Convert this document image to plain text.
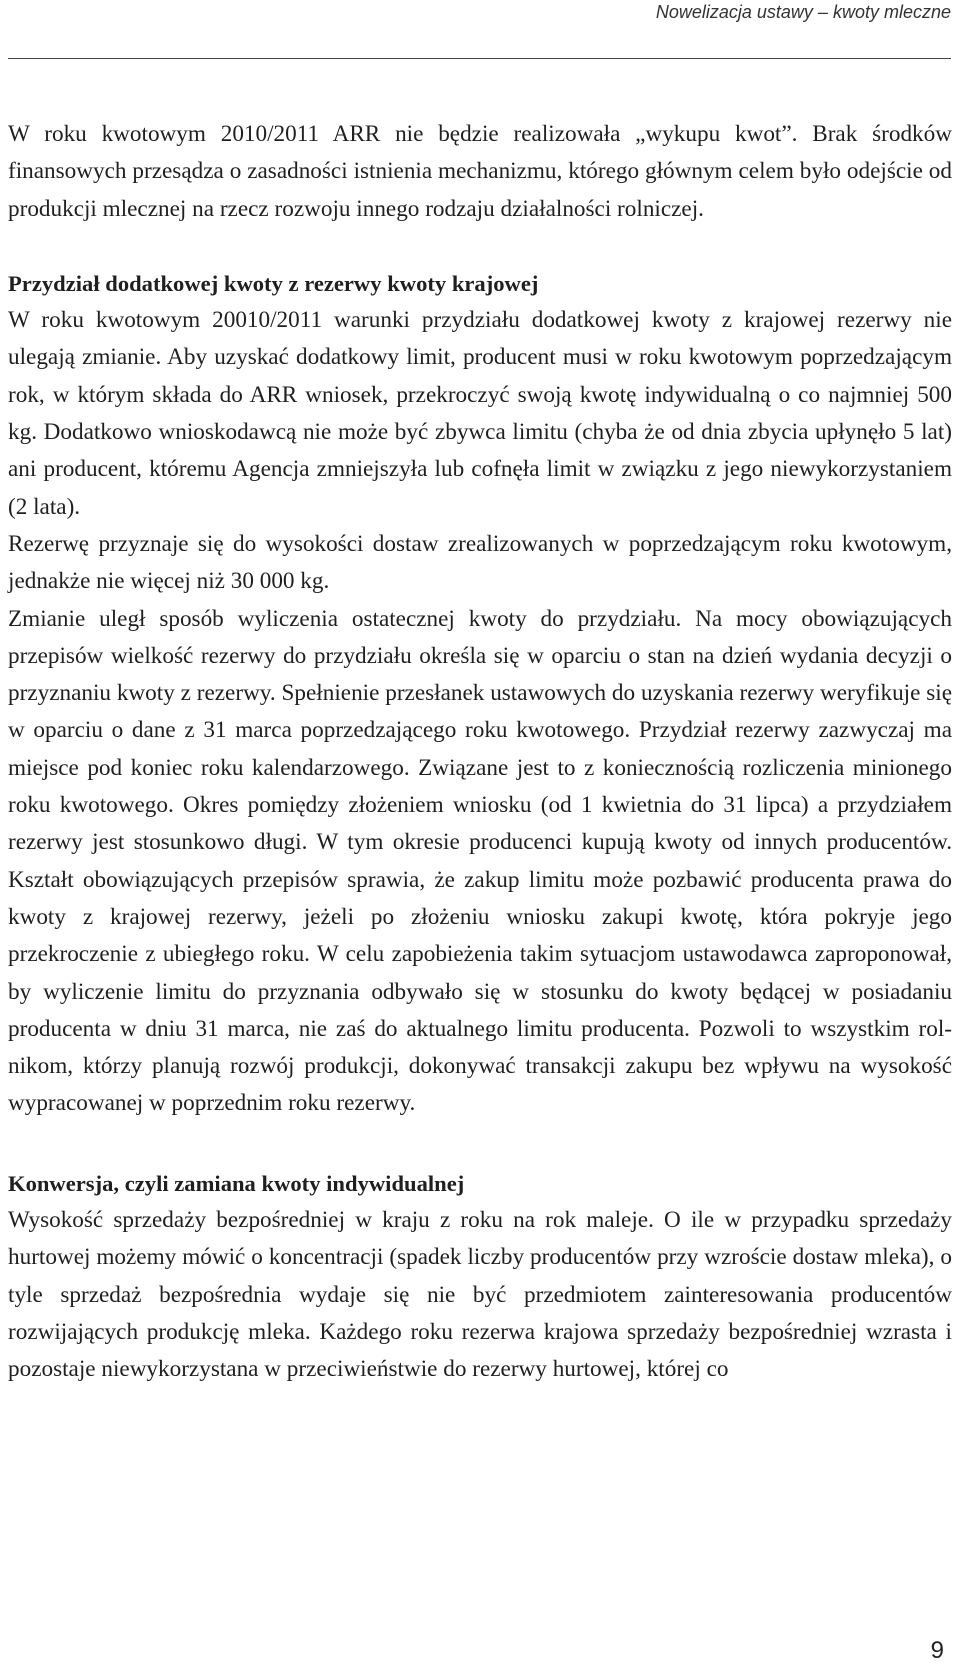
Nowelizacja ustawy – kwoty mleczne

W roku kwotowym 2010/2011 ARR nie będzie realizowała „wykupu kwot”. Brak środków finansowych przesądza o zasadności istnienia mechanizmu, którego głównym celem było odejście od produkcji mlecznej na rzecz rozwoju innego rodzaju działalności rolniczej.

Przydział dodatkowej kwoty z rezerwy kwoty krajowej

W roku kwotowym 20010/2011 warunki przydziału dodatkowej kwoty z krajowej rezerwy nie ulegają zmianie. Aby uzyskać dodatkowy limit, producent musi w roku kwotowym poprzedzającym rok, w którym składa do ARR wniosek, przekroczyć swoją kwotę indywidualną o co najmniej 500 kg. Dodatkowo wnioskodawcą nie może być zbywca limitu (chyba że od dnia zbycia upłynęło 5 lat) ani producent, któremu Agencja zmniejszyła lub cofnęła limit w związku z jego niewykorzystaniem (2 lata).

Rezerwę przyznaje się do wysokości dostaw zrealizowanych w poprzedzającym roku kwotowym, jednakże nie więcej niż 30 000 kg.

Zmianie uległ sposób wyliczenia ostatecznej kwoty do przydziału. Na mocy obowiązujących przepisów wielkość rezerwy do przydziału określa się w oparciu o stan na dzień wydania decyzji o przyznaniu kwoty z rezerwy. Spełnienie przesłanek ustawowych do uzyskania rezerwy weryfikuje się w oparciu o dane z 31 marca poprzedzającego roku kwotowego. Przydział rezerwy zazwyczaj ma miejsce pod koniec roku kalendarzowego. Związane jest to z koniecznością rozliczenia minionego roku kwotowego. Okres pomiędzy złożeniem wniosku (od 1 kwietnia do 31 lipca) a przydziałem rezerwy jest stosunkowo długi. W tym okresie producenci kupują kwoty od innych producentów. Kształt obowiązujących przepisów sprawia, że zakup limitu może pozbawić producenta prawa do kwoty z krajowej rezerwy, jeżeli po złożeniu wniosku zakupi kwotę, która pokryje jego przekroczenie z ubiegłego roku. W celu zapobieżenia takim sytuacjom ustawodawca zaproponował, by wyliczenie limitu do przyznania odbywało się w stosunku do kwoty będącej w posiadaniu producenta w dniu 31 marca, nie zaś do aktualnego limitu producenta. Pozwoli to wszystkim rolnikom, którzy planują rozwój produkcji, dokonywać transakcji zakupu bez wpływu na wysokość wypracowanej w poprzednim roku rezerwy.

Konwersja, czyli zamiana kwoty indywidualnej

Wysokość sprzedaży bezpośredniej w kraju z roku na rok maleje. O ile w przypadku sprzedaży hurtowej możemy mówić o koncentracji (spadek liczby producentów przy wzroście dostaw mleka), o tyle sprzedaż bezpośrednia wydaje się nie być przedmiotem zainteresowania producentów rozwijających produkcję mleka. Każdego roku rezerwa krajowa sprzedaży bezpośredniej wzrasta i pozostaje niewykorzystana w przeciwieństwie do rezerwy hurtowej, której co

9
